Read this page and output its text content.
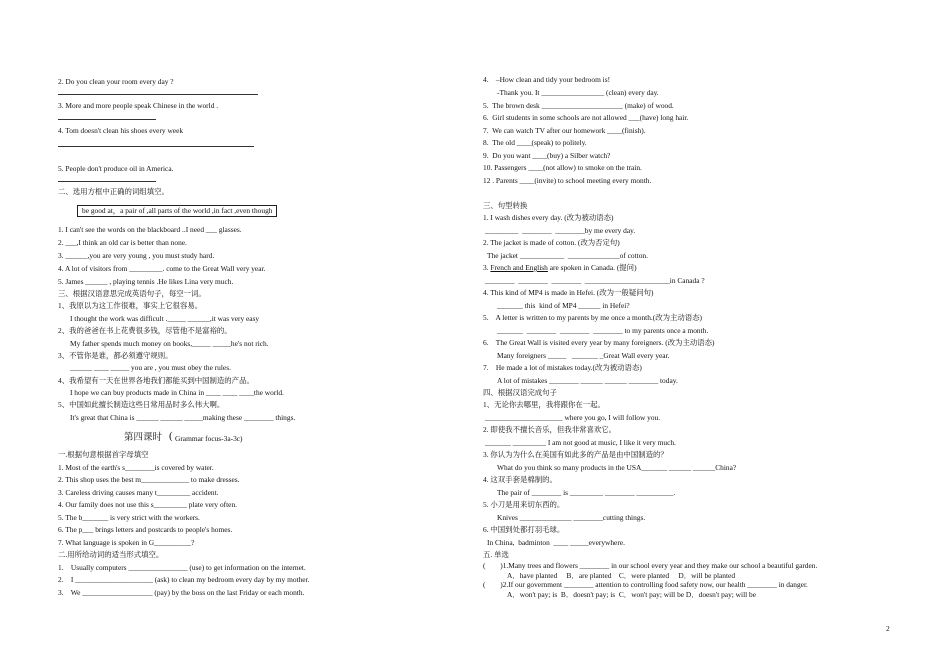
2. Do you clean your room every day ?
3. More and more people speak Chinese in the world .
4. Tom doesn't clean his shoes every week
5. People don't produce oil in America.
二、选用方框中正确的词组填空。
be good at，a pair of ,all parts of the world ,in fact ,even though
1. I can't see the words on the blackboard ..I need ___ glasses.
2. ___,I think an old car is better than none.
3. ______,you are very young , you must study hard.
4. A lot of visitors from _________. come to the Great Wall very year.
5. James ______ , playing tennis .He likes Lina very much.
三、根据汉语意思完成英语句子，每空一词。
1、我原以为这工作很难，事实上它很容易。
I thought the work was difficult ._____ ______,it was very easy
2、我的爸爸在书上花费很多钱，尽管他不是富裕的。
My father spends much money on books,_____ _____he's not rich.
3、不管你是谁，都必须遵守规则。
______ ____ _____ you are , you must obey the rules.
4、我希望有一天在世界各地我们都能买到中国制造的产品。
I hope we can buy products made in China in ____ ____ ____the world.
5、中国如此擅长制造这些日常用品时多么伟大啊。
It's great that China is ______ ______ _____making these ________ things.
第四课时 ( Grammar focus-3a-3c)
一.根据句意根据首字母填空
1. Most of the earth's s________is covered by water.
2. This shop uses the best m_____________ to make dresses.
3. Careless driving causes many t_________ accident.
4. Our family does not use this s_________ plate very often.
5. The b_______ is very strict with the workers.
6. The p___ brings letters and postcards to people's homes.
7. What language is spoken in G__________?
二.用所给动词的适当形式填空。
1.    Usually computers ________________ (use) to get information on the internet.
2.    I _____________________ (ask) to clean my bedroom every day by my mother.
3.    We ___________________ (pay) by the boss on the last Friday or each month.
4.    –How clean and tidy your bedroom is!
-Thank you. It _________________ (clean) every day.
5.  The brown desk ______________________ (make) of wood.
6.  Girl students in some schools are not allowed ___(have) long hair.
7.  We can watch TV after our homework ____(finish).
8.  The old ____(speak) to politely.
9.  Do you want ____(buy) a Silber watch?
10. Passengers ____(not allow) to smoke on the train.
12 . Parents ____(invite) to school meeting every month.
三、句型转换
1. I wash dishes every day. (改为被动语态)
_________  ________  ________by me every day.
2. The jacket is made of cotton. (改为否定句)
The jacket ____________  ______________of cotton.
3. French and English are spoken in Canada. (提问)
________  ________  ________  _______________________in Canada ?
4. This kind of MP4 is made in Hefei. (改为一般疑问句)
_______ this  kind of MP4 ______ in Hefei?
5.    A letter is written to my parents by me once a month.(改为主动语态)
_______  ________  ________  ________ to my parents once a month.
6.    The Great Wall is visited every year by many foreigners. (改为主动语态)
Many foreigners _____   _______ _Great Wall every year.
7.    He made a lot of mistakes today.(改为被动语态)
A lot of mistakes ________ ______ ______ ________ today.
四、根据汉语完成句子
1、无论你去哪里，我将跟你在一起。
_____________________ where you go, I will follow you.
2. 即使我不擅长音乐，但我非常喜欢它。
_______ _________ I am not good at music, I like it very much.
3. 你认为为什么在美国有如此多的产品是由中国制造的？
What do you think so many products in the USA_______ ______ ______China?
4. 这双手套是棉制的。
The pair of ________ is _________ ________ __________.
5. 小刀是用来切东西的。
Knives ______________ ________cutting things.
6. 中国到处都打羽毛球。
In China,  badminton  ____ _____everywhere.
五. 单选
(        )1.Many trees and flowers ________ in our school every year and they make our school a beautiful garden.
A．have planted     B．are planted    C．were planted     D．will be planted
(        )2.If our government ________ attention to controlling food safety now, our health ________ in danger.
A．won't pay; is  B．doesn't pay; is  C．won't pay; will be D．doesn't pay; will be
2
